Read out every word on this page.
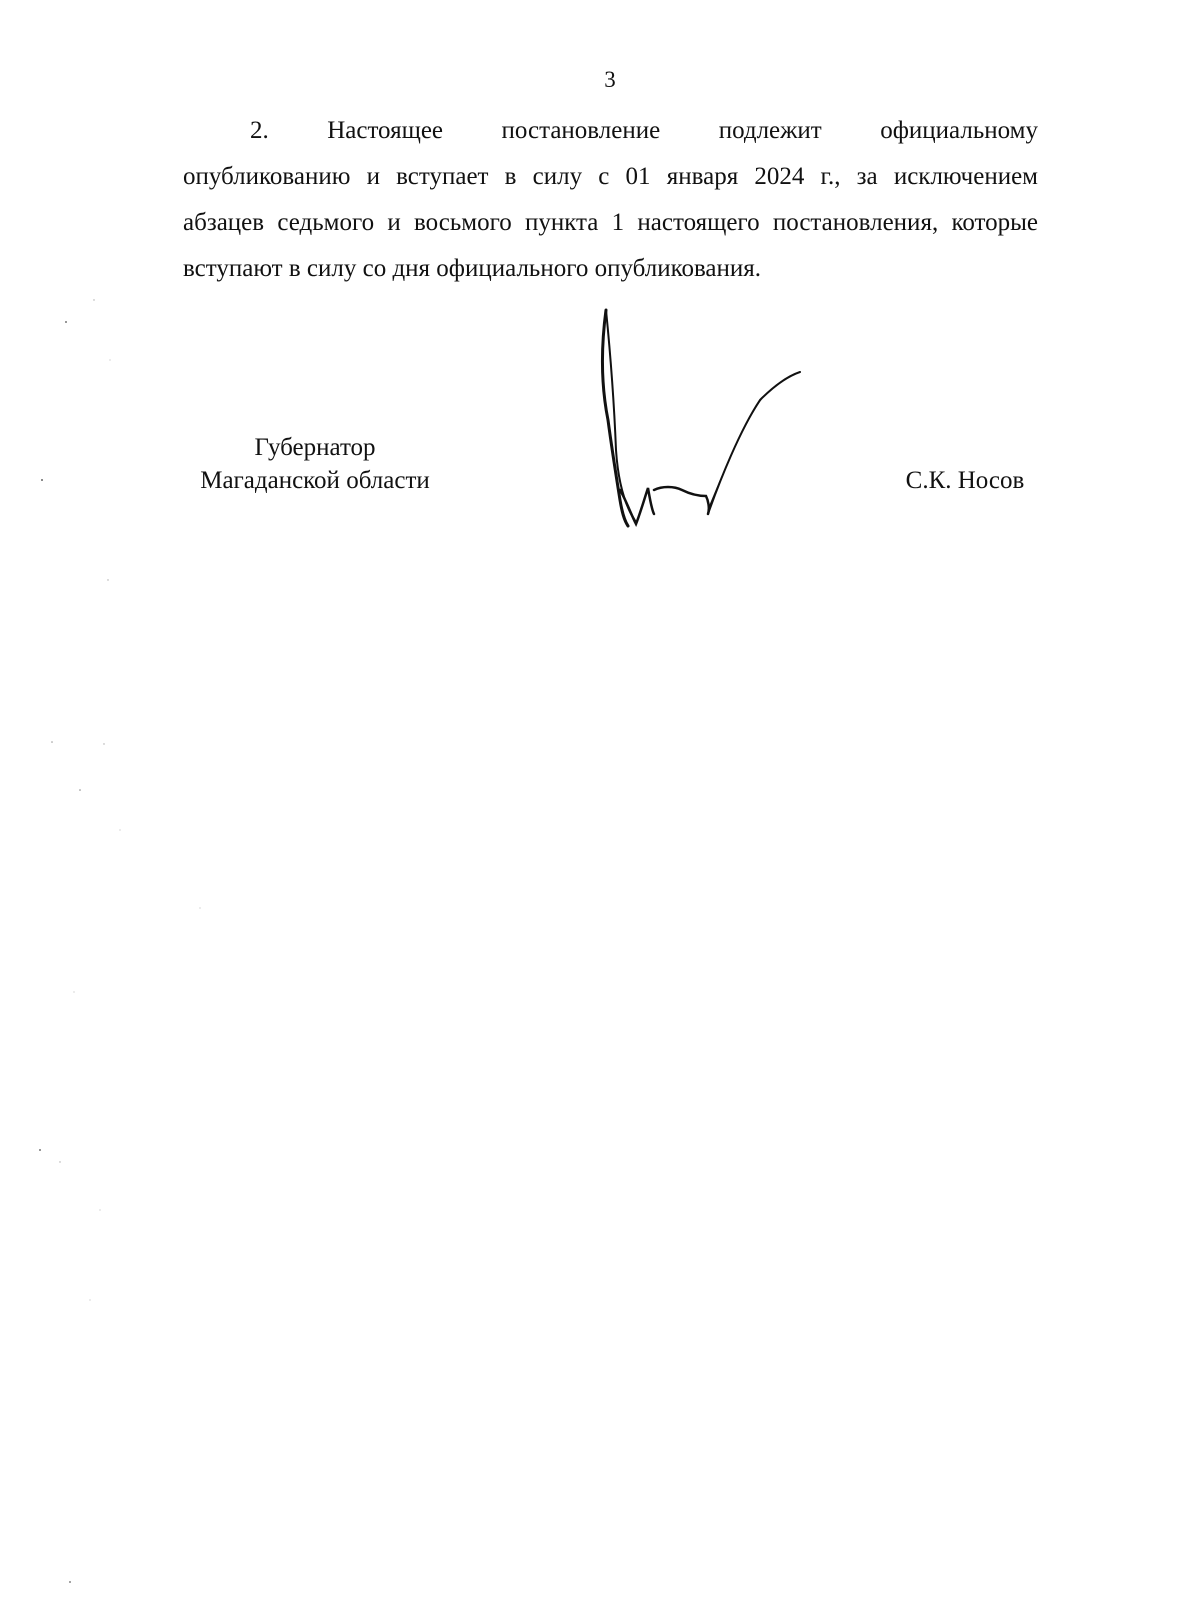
3
2. Настоящее постановление подлежит официальному
опубликованию и вступает в силу с 01 января 2024 г., за исключением
абзацев седьмого и восьмого пункта 1 настоящего постановления, которые
вступают в силу со дня официального опубликования.
Губернатор
Магаданской области	С.К. Носов
